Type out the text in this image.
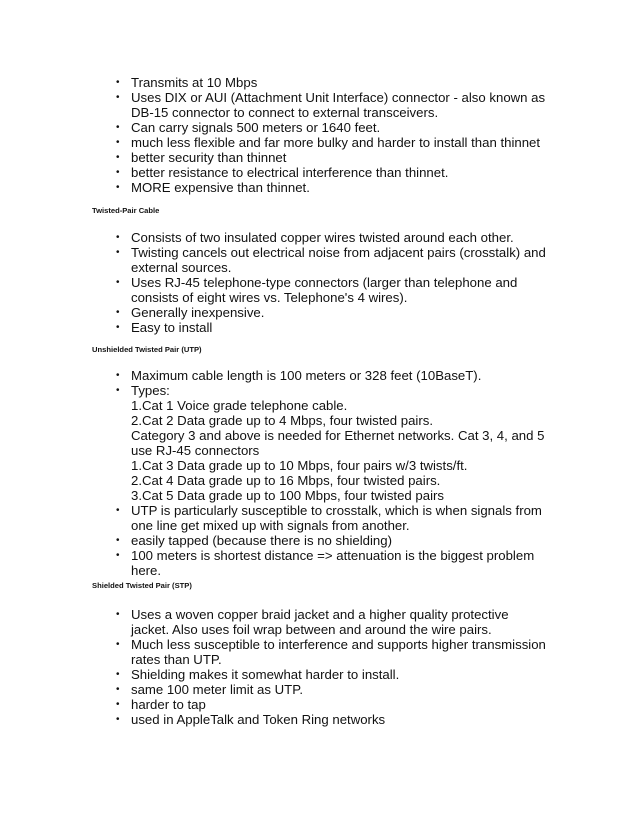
• Transmits at 10 Mbps
• Uses DIX or AUI (Attachment Unit Interface) connector - also known as DB-15 connector to connect to external transceivers.
• Can carry signals 500 meters or 1640 feet.
• much less flexible and far more bulky and harder to install than thinnet
• better security than thinnet
• better resistance to electrical interference than thinnet.
• MORE expensive than thinnet.
Twisted-Pair Cable
• Consists of two insulated copper wires twisted around each other.
• Twisting cancels out electrical noise from adjacent pairs (crosstalk) and external sources.
• Uses RJ-45 telephone-type connectors (larger than telephone and consists of eight wires vs. Telephone's 4 wires).
• Generally inexpensive.
• Easy to install
Unshielded Twisted Pair (UTP)
• Maximum cable length is 100 meters or 328 feet (10BaseT).
• Types:
1.Cat 1 Voice grade telephone cable.
2.Cat 2 Data grade up to 4 Mbps, four twisted pairs.
Category 3 and above is needed for Ethernet networks. Cat 3, 4, and 5 use RJ-45 connectors
1.Cat 3 Data grade up to 10 Mbps, four pairs w/3 twists/ft.
2.Cat 4 Data grade up to 16 Mbps, four twisted pairs.
3.Cat 5 Data grade up to 100 Mbps, four twisted pairs
• UTP is particularly susceptible to crosstalk, which is when signals from one line get mixed up with signals from another.
• easily tapped (because there is no shielding)
• 100 meters is shortest distance => attenuation is the biggest problem here.
Shielded Twisted Pair (STP)
• Uses a woven copper braid jacket and a higher quality protective jacket. Also uses foil wrap between and around the wire pairs.
• Much less susceptible to interference and supports higher transmission rates than UTP.
• Shielding makes it somewhat harder to install.
• same 100 meter limit as UTP.
• harder to tap
• used in AppleTalk and Token Ring networks
